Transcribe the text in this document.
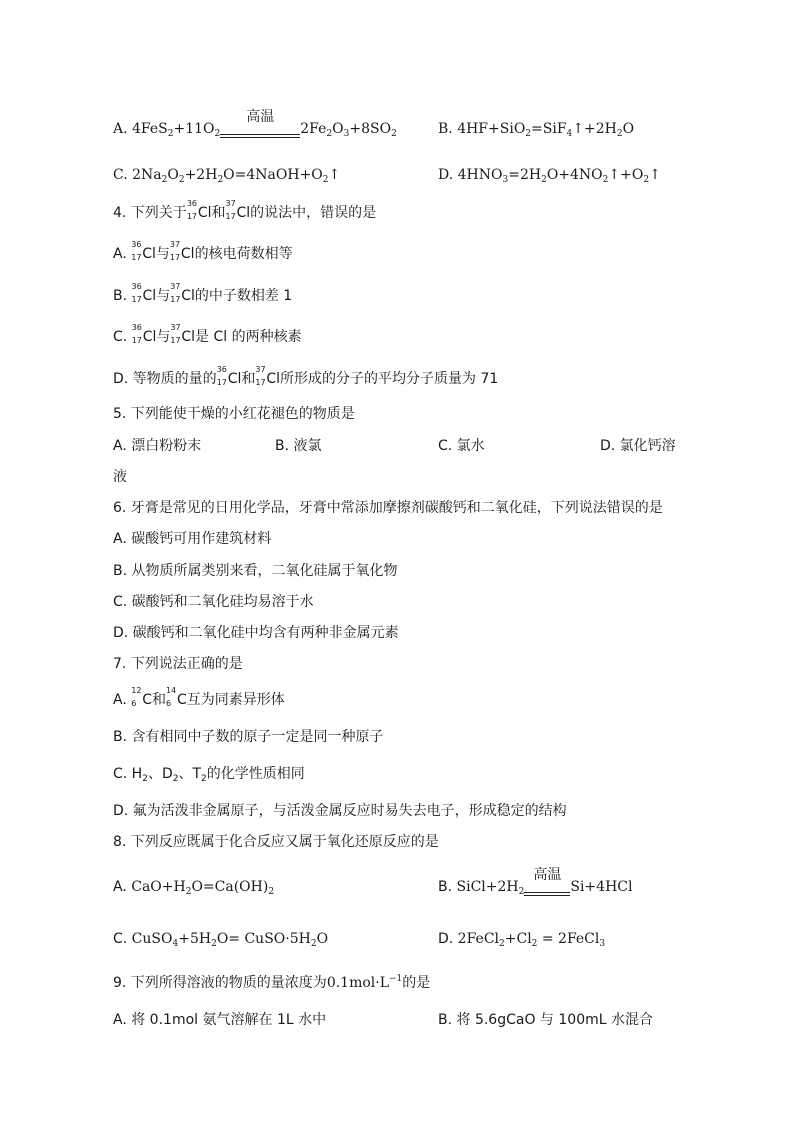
A. $4FeS_2+11O_2$
高温
$2Fe_2O_3+8SO_2$	B. $4HF+SiO_2=SiF_4↑+2H_2O$
C. $2Na_2O_2+2H_2O=4NaOH+O_2↑$	D. $4HNO_3=2H_2O+4NO_2↑+O_2↑$
4. 下列关于
36
17 Cl和
37
17 Cl的说法中，错误的是
A.
36
17 Cl与
37
17 Cl的核电荷数相等
B.
36
17 Cl与
37
17 Cl的中子数相差 1
C.
36
17 Cl与
37
17 Cl是 Cl 的两种核素
D. 等物质的量的
36
17 Cl和
37
17 Cl所形成的分子的平均分子质量为 71
5. 下列能使干燥的小红花褪色的物质是
A. 漂白粉粉末	B. 液氯	C. 氯水	D. 氯化钙溶
液
6. 牙膏是常见的日用化学品，牙膏中常添加摩擦剂碳酸钙和二氧化硅，下列说法错误的是
A. 碳酸钙可用作建筑材料
B. 从物质所属类别来看，二氧化硅属于氧化物
C. 碳酸钙和二氧化硅均易溶于水
D. 碳酸钙和二氧化硅中均含有两种非金属元素
7. 下列说法正确的是
A.
12
6 C和
14
6 C互为同素异形体
B. 含有相同中子数的原子一定是同一种原子
C. $H_2$、$D_2$、$T_2$的化学性质相同
D. 氟为活泼非金属原子，与活泼金属反应时易失去电子，形成稳定的结构
8. 下列反应既属于化合反应又属于氧化还原反应的是
A. $CaO+H_2O=Ca(OH)_2$	B. $SiCl+2H_2$
高温
Si+4HCl
C. $CuSO_4+5H_2O=$ $CuSO\cdot 5H_2O$	D. $2FeCl_2+Cl_2$ = 2FeCl$_3$
9. 下列所得溶液的物质的量浓度为$0.1mol\cdot L^{-1}$的是
A. 将 0.1mol 氨气溶解在 1L 水中	B. 将 5.6gCaO 与 100mL 水混合
